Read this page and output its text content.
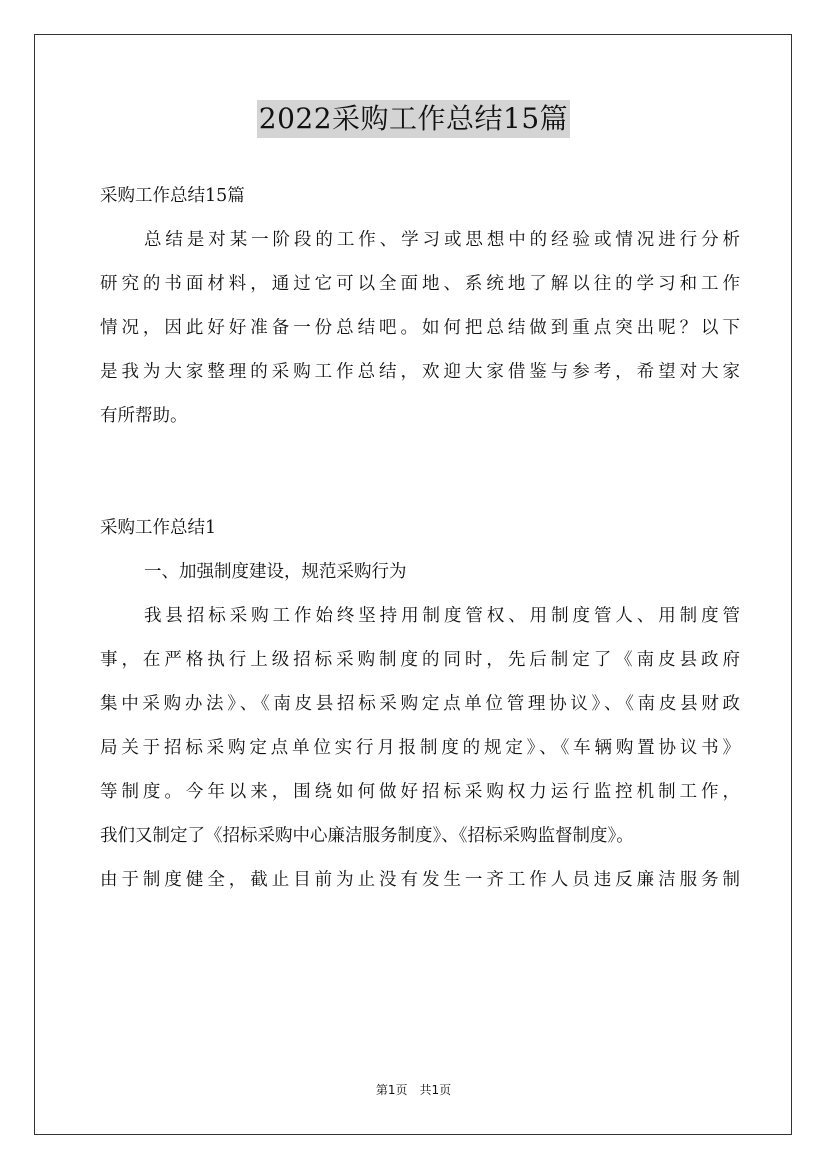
2022采购工作总结15篇
采购工作总结15篇
总结是对某一阶段的工作、学习或思想中的经验或情况进行分析
研究的书面材料，通过它可以全面地、系统地了解以往的学习和工作
情况，因此好好准备一份总结吧。如何把总结做到重点突出呢？以下
是我为大家整理的采购工作总结，欢迎大家借鉴与参考，希望对大家
有所帮助。
采购工作总结1
一、加强制度建设，规范采购行为
我县招标采购工作始终坚持用制度管权、用制度管人、用制度管
事，在严格执行上级招标采购制度的同时，先后制定了《南皮县政府
集中采购办法》、《南皮县招标采购定点单位管理协议》、《南皮县财政
局关于招标采购定点单位实行月报制度的规定》、《车辆购置协议书》
等制度。今年以来，围绕如何做好招标采购权力运行监控机制工作，
我们又制定了《招标采购中心廉洁服务制度》、《招标采购监督制度》。
由于制度健全，截止目前为止没有发生一齐工作人员违反廉洁服务制
第1页　共1页
